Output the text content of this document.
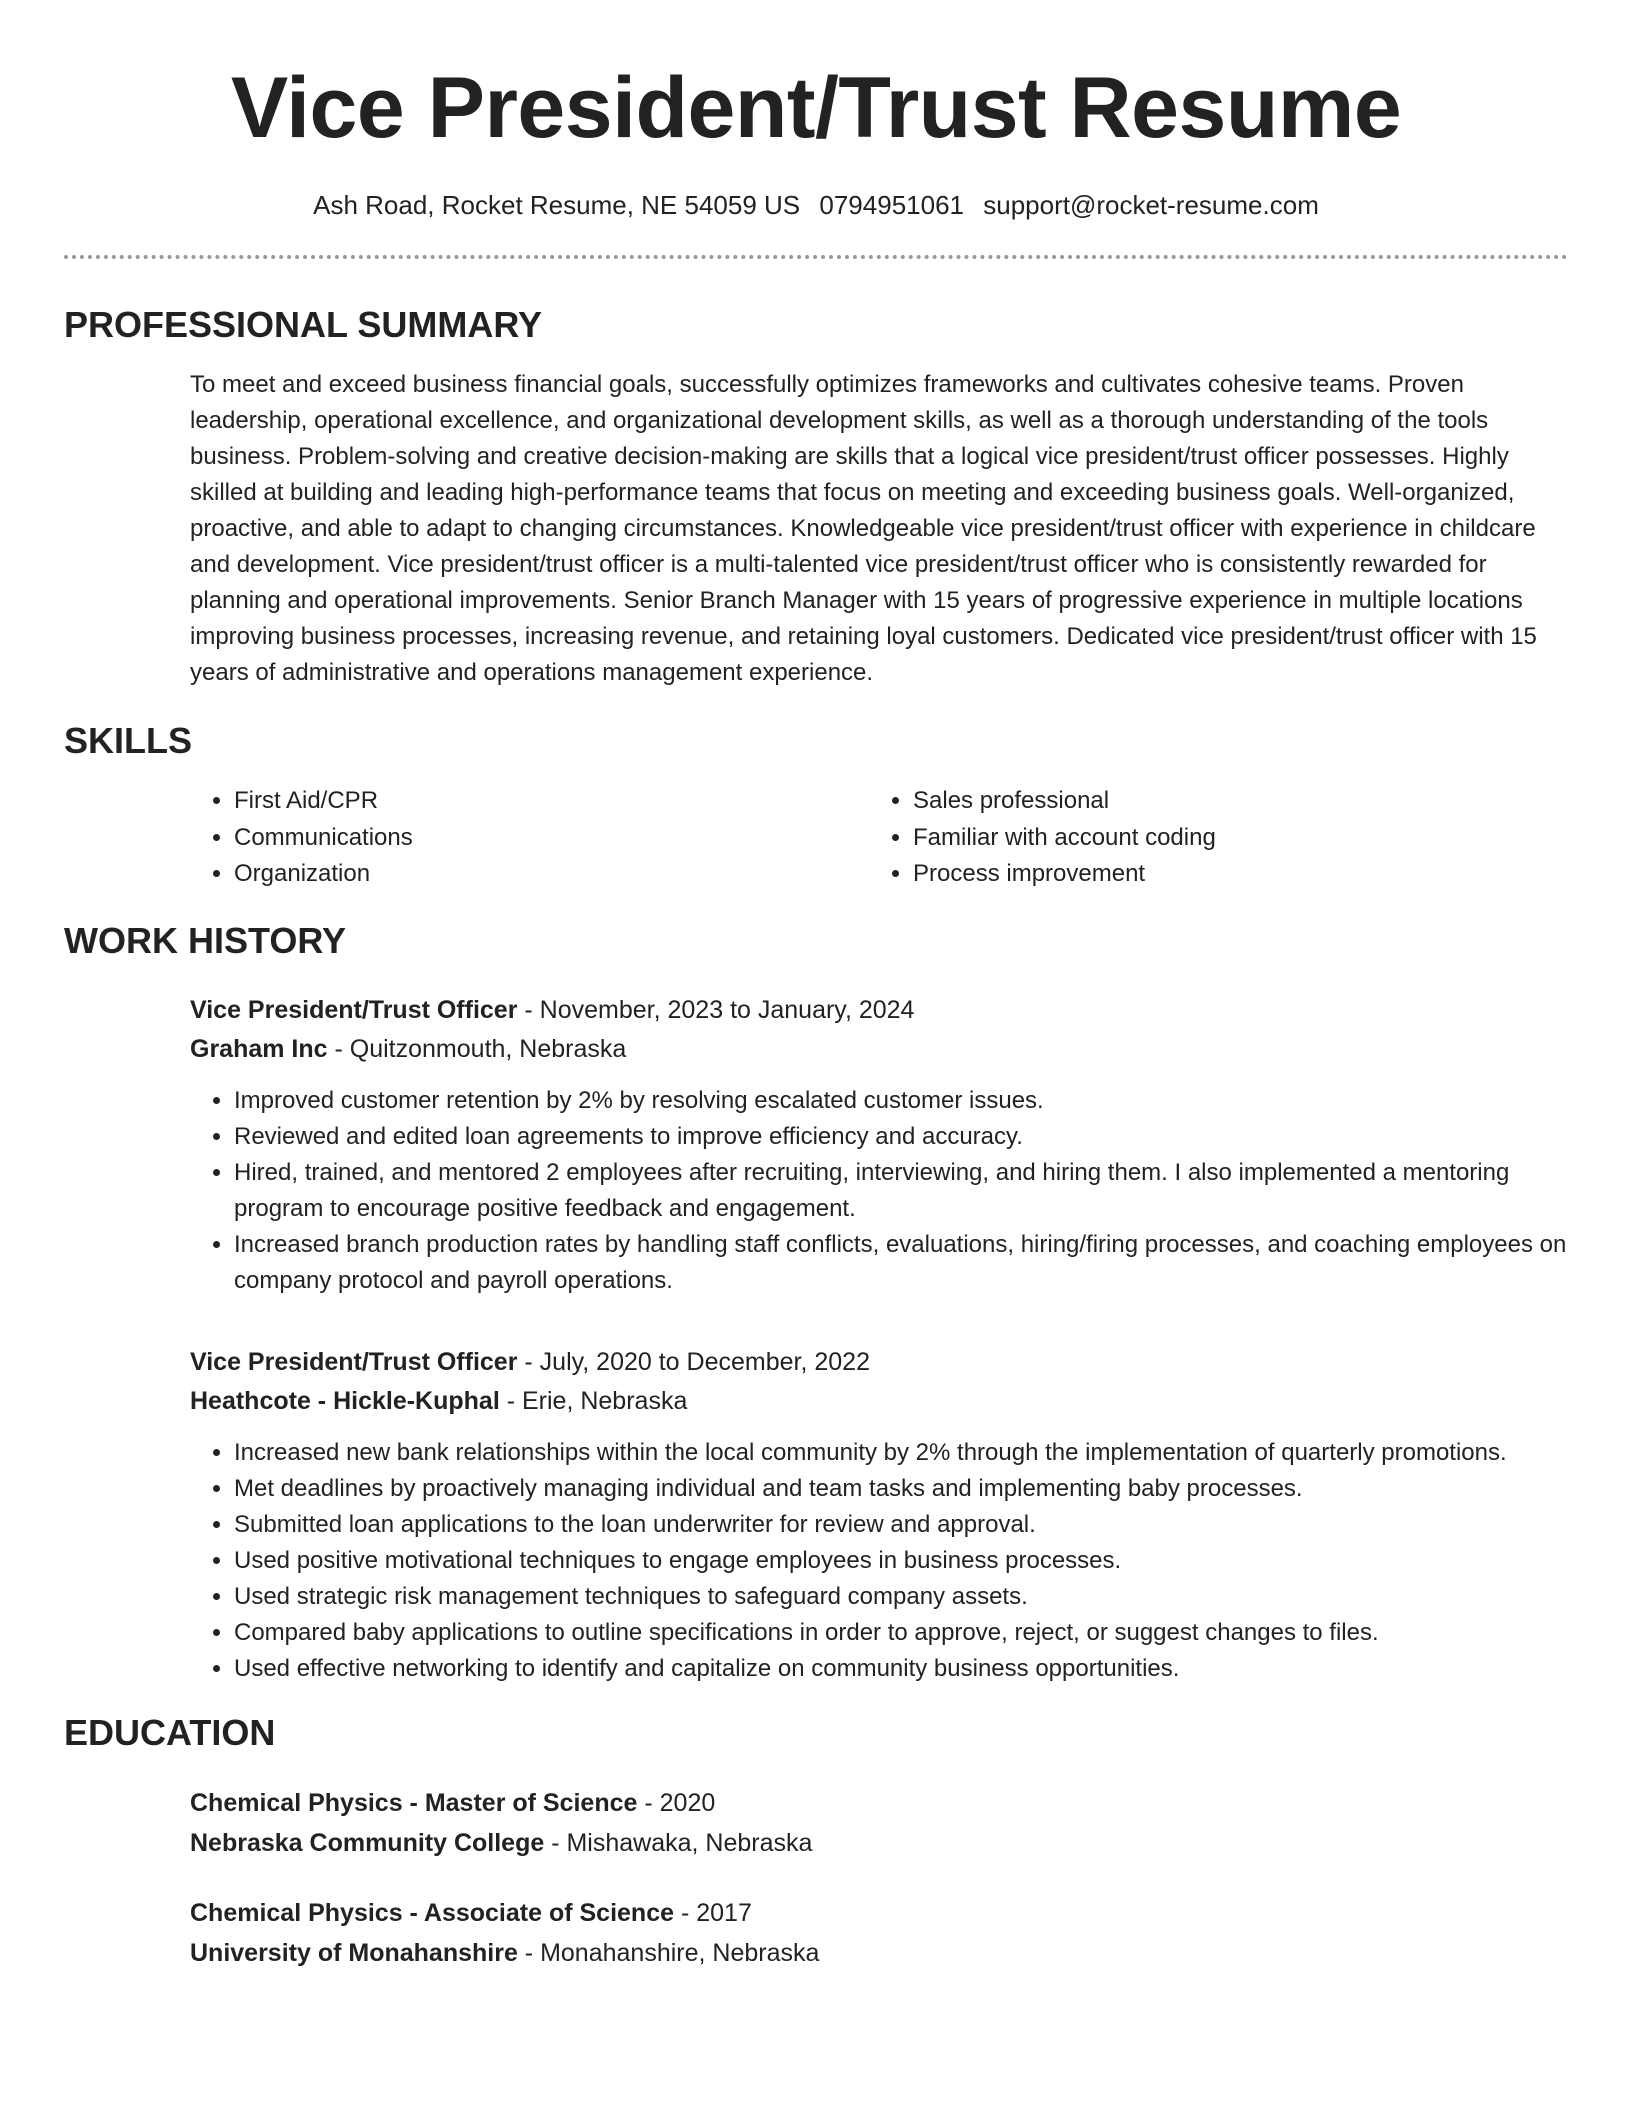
Vice President/Trust Resume
Ash Road, Rocket Resume, NE 54059 US 0794951061 support@rocket-resume.com
PROFESSIONAL SUMMARY
To meet and exceed business financial goals, successfully optimizes frameworks and cultivates cohesive teams. Proven leadership, operational excellence, and organizational development skills, as well as a thorough understanding of the tools business. Problem-solving and creative decision-making are skills that a logical vice president/trust officer possesses. Highly skilled at building and leading high-performance teams that focus on meeting and exceeding business goals. Well-organized, proactive, and able to adapt to changing circumstances. Knowledgeable vice president/trust officer with experience in childcare and development. Vice president/trust officer is a multi-talented vice president/trust officer who is consistently rewarded for planning and operational improvements. Senior Branch Manager with 15 years of progressive experience in multiple locations improving business processes, increasing revenue, and retaining loyal customers. Dedicated vice president/trust officer with 15 years of administrative and operations management experience.
SKILLS
• First Aid/CPR
• Communications
• Organization
• Sales professional
• Familiar with account coding
• Process improvement
WORK HISTORY
Vice President/Trust Officer - November, 2023 to January, 2024
Graham Inc - Quitzonmouth, Nebraska
• Improved customer retention by 2% by resolving escalated customer issues.
• Reviewed and edited loan agreements to improve efficiency and accuracy.
• Hired, trained, and mentored 2 employees after recruiting, interviewing, and hiring them. I also implemented a mentoring program to encourage positive feedback and engagement.
• Increased branch production rates by handling staff conflicts, evaluations, hiring/firing processes, and coaching employees on company protocol and payroll operations.
Vice President/Trust Officer - July, 2020 to December, 2022
Heathcote - Hickle-Kuphal - Erie, Nebraska
• Increased new bank relationships within the local community by 2% through the implementation of quarterly promotions.
• Met deadlines by proactively managing individual and team tasks and implementing baby processes.
• Submitted loan applications to the loan underwriter for review and approval.
• Used positive motivational techniques to engage employees in business processes.
• Used strategic risk management techniques to safeguard company assets.
• Compared baby applications to outline specifications in order to approve, reject, or suggest changes to files.
• Used effective networking to identify and capitalize on community business opportunities.
EDUCATION
Chemical Physics - Master of Science - 2020
Nebraska Community College - Mishawaka, Nebraska
Chemical Physics - Associate of Science - 2017
University of Monahanshire - Monahanshire, Nebraska
